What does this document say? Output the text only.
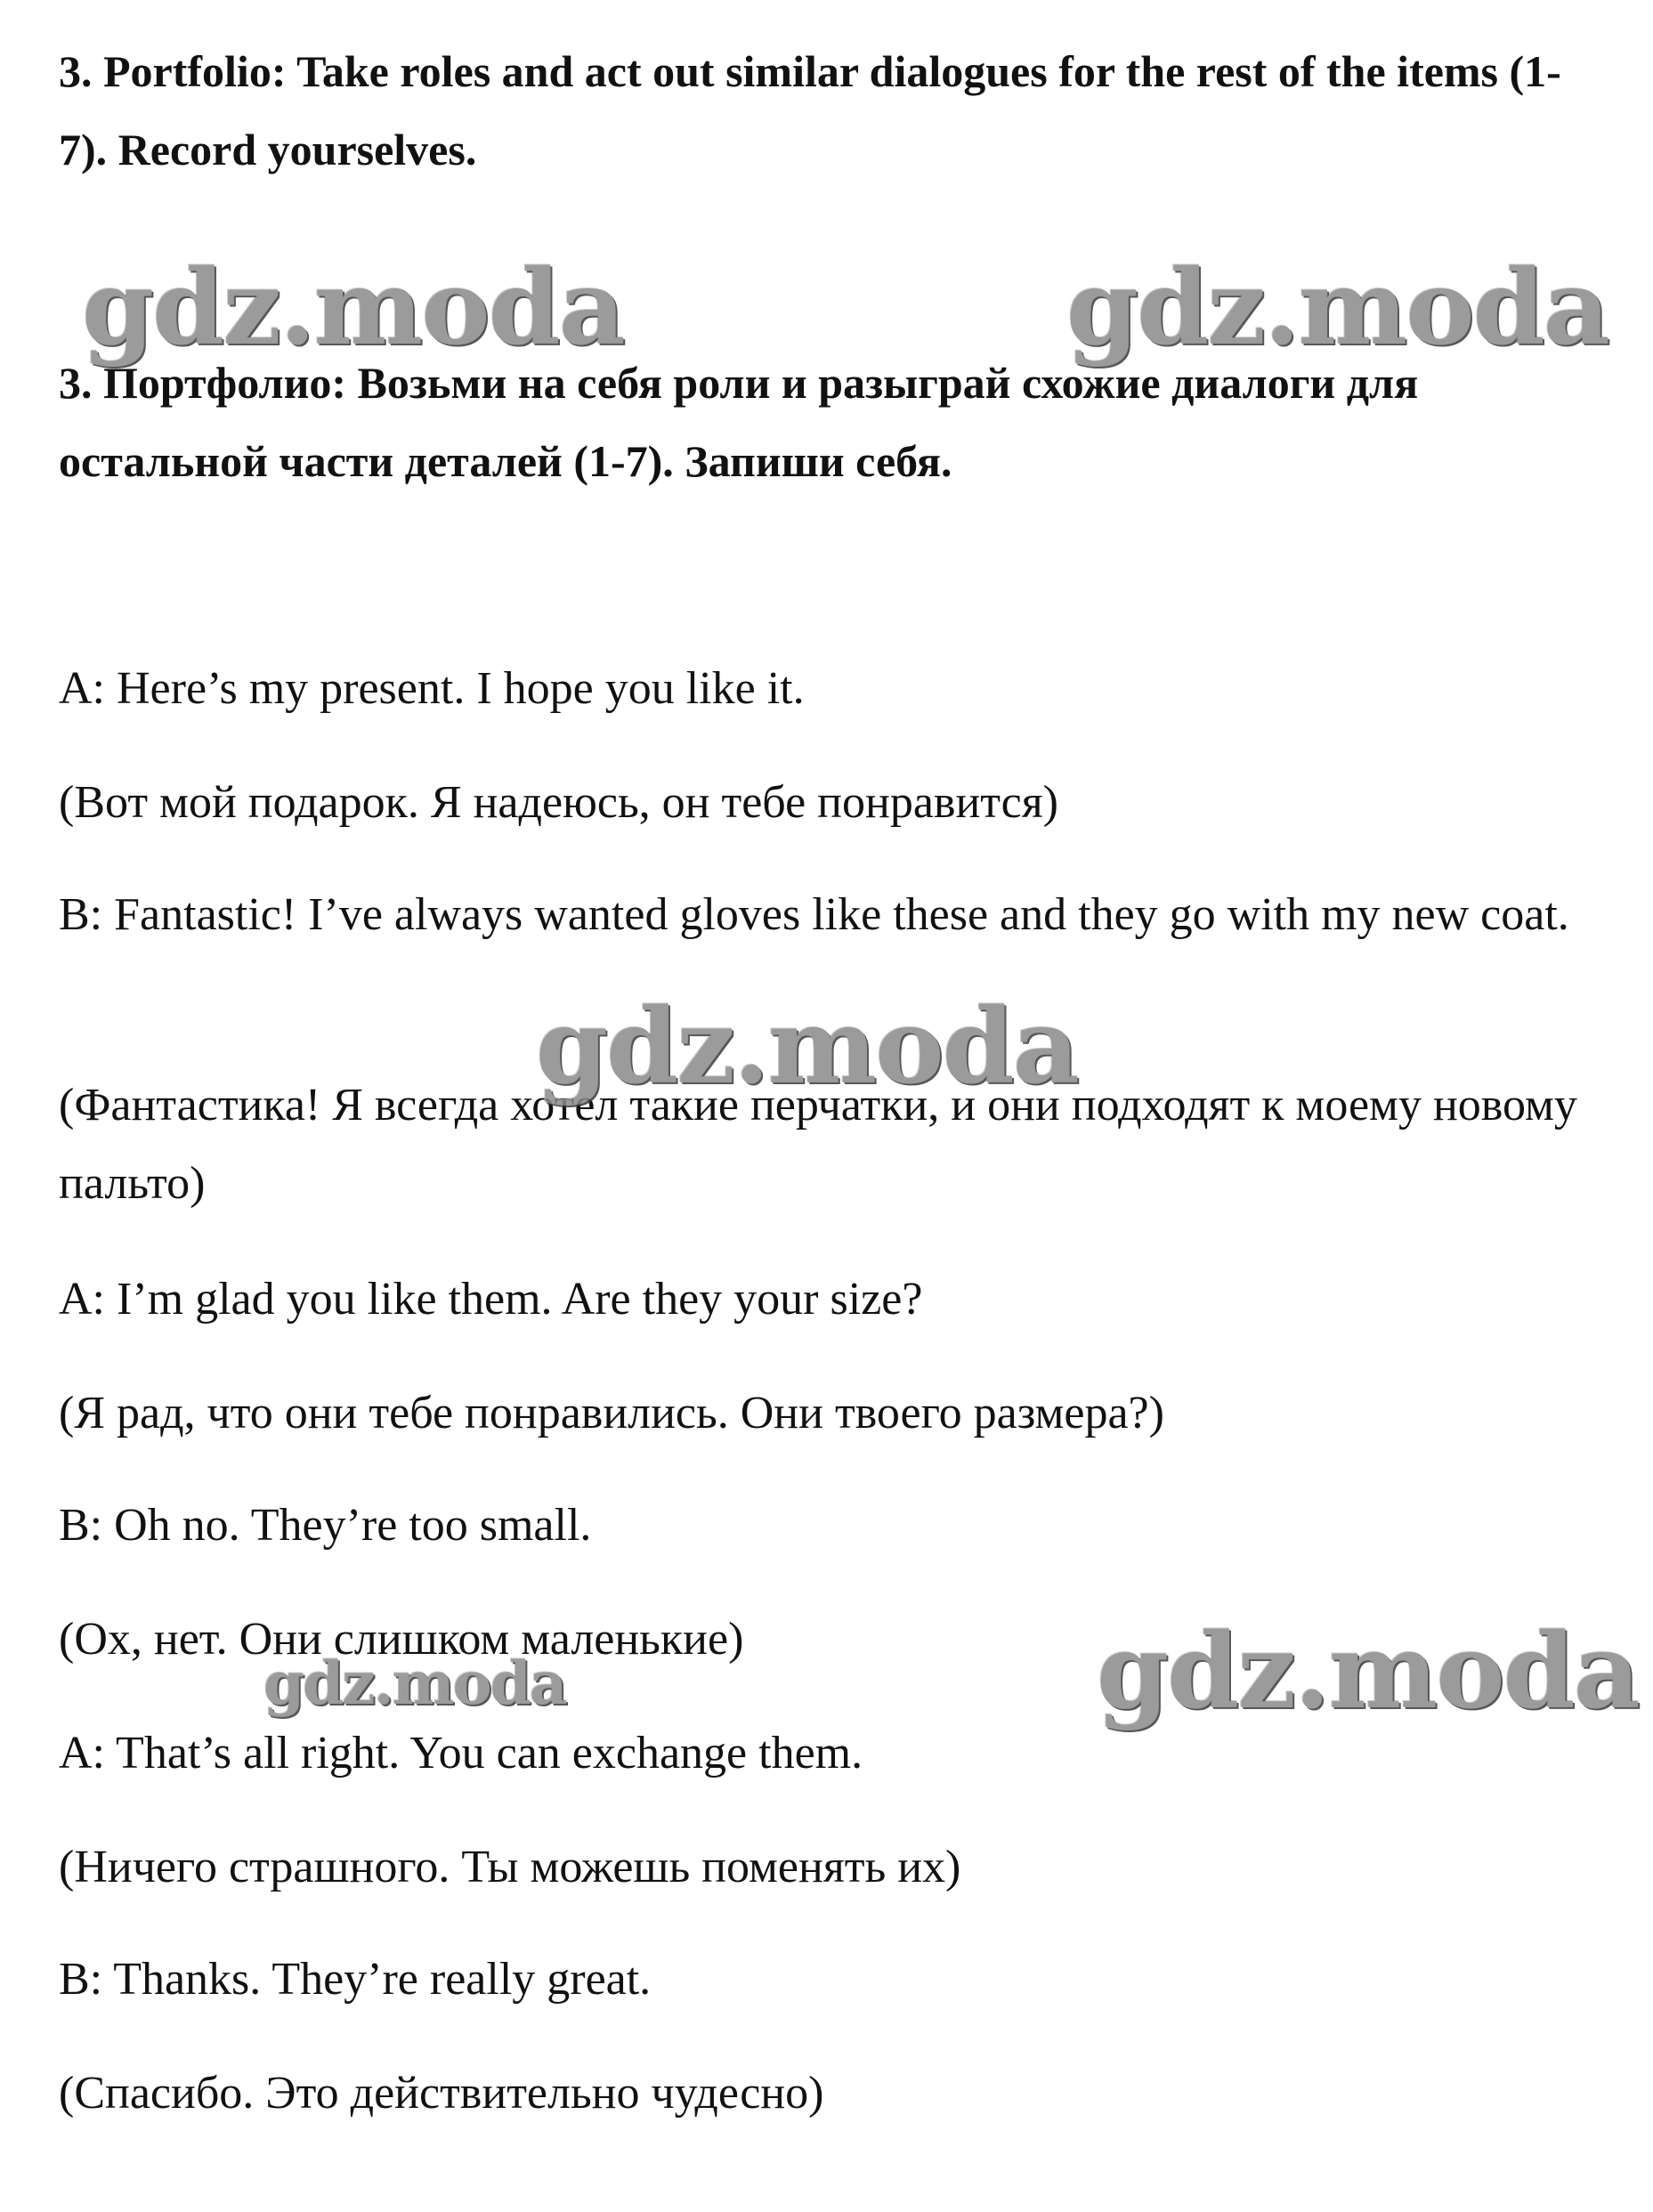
3. Portfolio: Take roles and act out similar dialogues for the rest of the items (1-7). Record yourselves.

3. Портфолио: Возьми на себя роли и разыграй схожие диалоги для остальной части деталей (1-7). Запиши себя.

A: Here’s my present. I hope you like it.

(Вот мой подарок. Я надеюсь, он тебе понравится)

B: Fantastic! I’ve always wanted gloves like these and they go with my new coat.

(Фантастика! Я всегда хотел такие перчатки, и они подходят к моему новому пальто)

A: I’m glad you like them. Are they your size?

(Я рад, что они тебе понравились. Они твоего размера?)

B: Oh no. They’re too small.

(Ох, нет. Они слишком маленькие)

A: That’s all right. You can exchange them.

(Ничего страшного. Ты можешь поменять их)

B: Thanks. They’re really great.

(Спасибо. Это действительно чудесно)

gdz.moda	gdz.moda
gdz.moda
gdz.moda
gdz.moda
